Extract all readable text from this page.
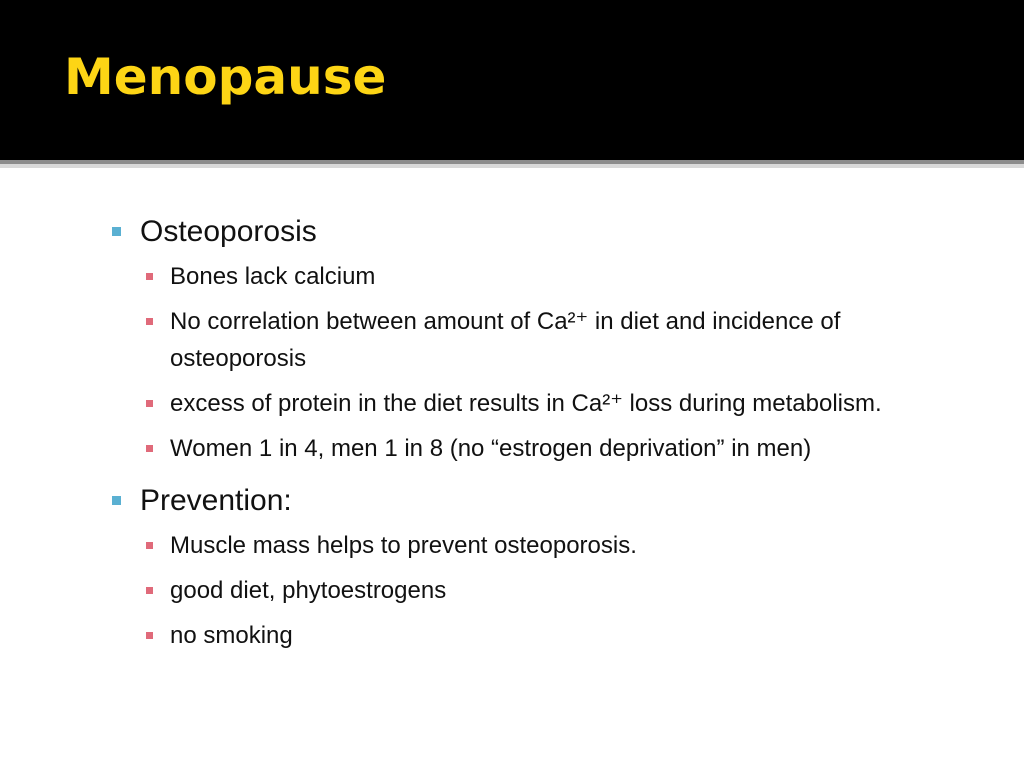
Menopause
Osteoporosis
Bones lack calcium
No correlation between amount of Ca²⁺ in diet and incidence of osteoporosis
excess of protein in the diet results in Ca²⁺ loss during metabolism.
Women 1 in 4, men 1 in 8 (no “estrogen deprivation” in men)
Prevention:
Muscle mass helps to prevent osteoporosis.
good diet, phytoestrogens
no smoking
